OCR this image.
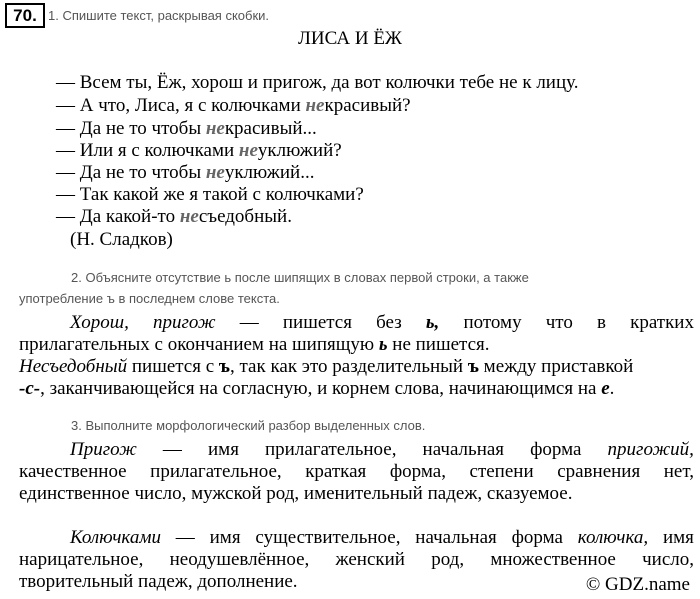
70. 1. Спишите текст, раскрывая скобки.
ЛИСА И ЁЖ
— Всем ты, Ёж, хорош и пригож, да вот колючки тебе не к лицу.
— А что, Лиса, я с колючками некрасивый?
— Да не то чтобы некрасивый...
— Или я с колючками неуклюжий?
— Да не то чтобы неуклюжий...
— Так какой же я такой с колючками?
— Да какой-то несъедобный.
(Н. Сладков)
2. Объясните отсутствие ь после шипящих в словах первой строки, а также
употребление ъ в последнем слове текста.
Хорош, пригож — пишется без ь, потому что в кратких
прилагательных с окончанием на шипящую ь не пишется.
Несъедобный пишется с ъ, так как это разделительный ъ между приставкой
-с-, заканчивающейся на согласную, и корнем слова, начинающимся на е.
3. Выполните морфологический разбор выделенных слов.
Пригож — имя прилагательное, начальная форма пригожий,
качественное прилагательное, краткая форма, степени сравнения нет,
единственное число, мужской род, именительный падеж, сказуемое.
Колючками — имя существительное, начальная форма колючка, имя
нарицательное, неодушевлённое, женский род, множественное число,
творительный падеж, дополнение.	© GDZ.name
